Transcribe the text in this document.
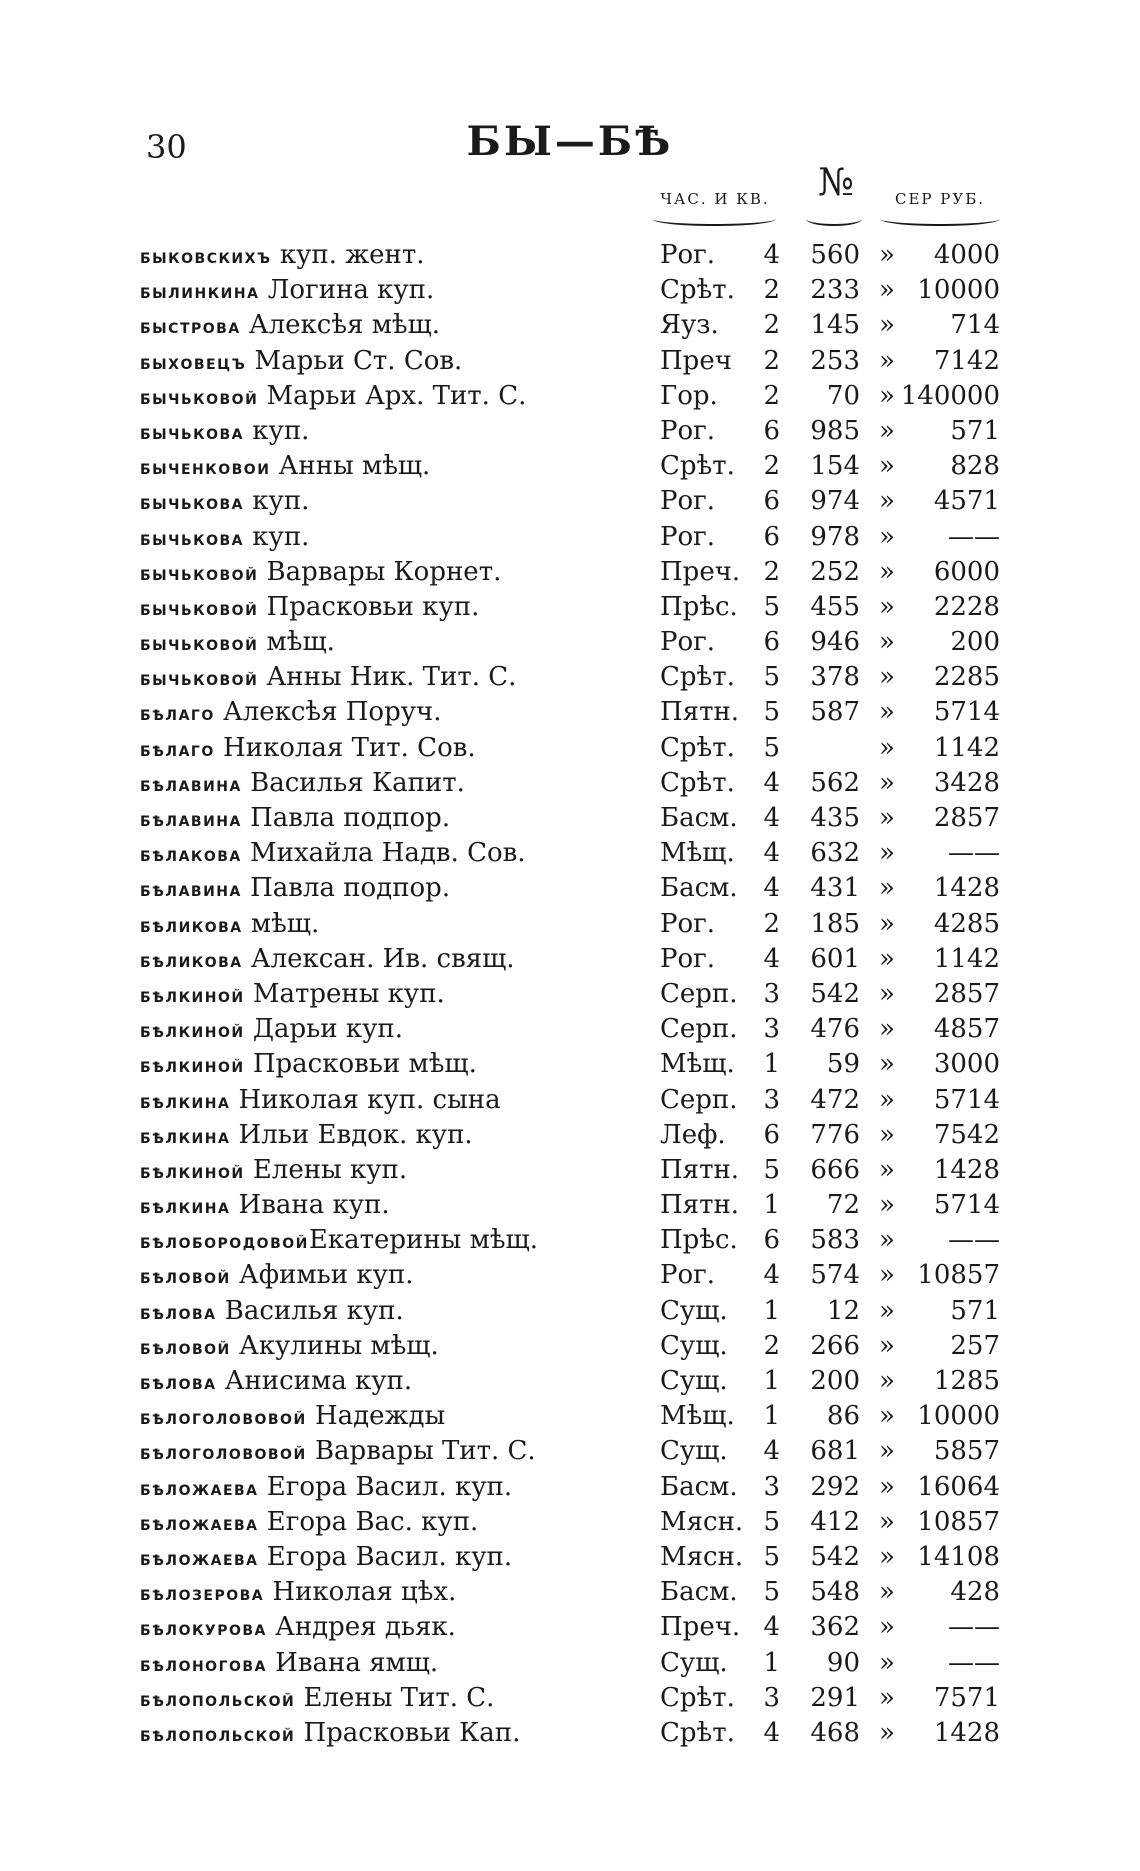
30	БЫ—БѢ
ЧАС. И КВ.	№	СЕР РУБ.
быковскихъ куп. жент.	Рог.	4	560 »	4000
былинкина Логина куп.	Срѣт.	2	233 » 10000
быстрова Алексѣя мѣщ.	Яуз.	2	145 »	714
быховецъ Марьи Ст. Сов.	Преч	2	253 »	7142
бычьковой Марьи Арх. Тит. С.	Гор.	2	70 » 140000
бычькова куп.	Рог.	6	985 »	571
быченковои Анны мѣщ.	Срѣт.	2	154 »	828
бычькова куп.	Рог.	6	974 »	4571
бычькова куп.	Рог.	6	978 »	——
бычьковой Варвары Корнет.	Преч. 2	252 »	6000
бычьковой Прасковьи куп.	Прѣс. 5	455 »	2228
бычьковой мѣщ.	Рог.	6	946 »	200
бычьковой Анны Ник. Тит. С.	Срѣт.	5	378 »	2285
бѣлаго Алексѣя Поруч.	Пятн. 5	587 »	5714
бѣлаго Николая Тит. Сов.	Срѣт.	5	»	1142
бѣлавина Василья Капит.	Срѣт.	4	562 »	3428
бѣлавина Павла подпор.	Басм. 4	435 »	2857
бѣлакова Михайла Надв. Сов.	Мѣщ.	4	632 »	——
бѣлавина Павла подпор.	Басм. 4	431 »	1428
бѣликова мѣщ.	Рог.	2	185 »	4285
бѣликова Алексан. Ив. свящ.	Рог.	4	601 »	1142
бѣлкиной Матрены куп.	Серп. 3	542 »	2857
бѣлкиной Дарьи куп.	Серп. 3	476 »	4857
бѣлкиной Прасковьи мѣщ.	Мѣщ.	1	59 »	3000
бѣлкина Николая куп. сына	Серп. 3	472 »	5714
бѣлкина Ильи Евдок. куп.	Леф.	6	776 »	7542
бѣлкиной Елены куп.	Пятн. 5	666 »	1428
бѣлкина Ивана куп.	Пятн. 1	72 »	5714
бѣлобородовойЕкатерины мѣщ.	Прѣс. 6	583 »	——
бѣловой Афимьи куп.	Рог.	4	574 » 10857
бѣлова Василья куп.	Сущ.	1	12 »	571
бѣловой Акулины мѣщ.	Сущ.	2	266 »	257
бѣлова Анисима куп.	Сущ.	1	200 »	1285
бѣлоголововой Надежды	Мѣщ.	1	86 » 10000
бѣлоголововой Варвары Тит. С.	Сущ.	4	681 »	5857
бѣложаева Егора Васил. куп.	Басм. 3	292 » 16064
бѣложаева Егора Вас. куп.	Мясн. 5	412 » 10857
бѣложаева Егора Васил. куп.	Мясн. 5	542 » 14108
бѣлозерова Николая цѣх.	Басм. 5	548 »	428
бѣлокурова Андрея дьяк.	Преч. 4	362 »	——
бѣлоногова Ивана ямщ.	Сущ.	1	90 »	——
бѣлопольской Елены Тит. С.	Срѣт.	3	291 »	7571
бѣлопольской Прасковьи Кап.	Срѣт.	4	468 »	1428
